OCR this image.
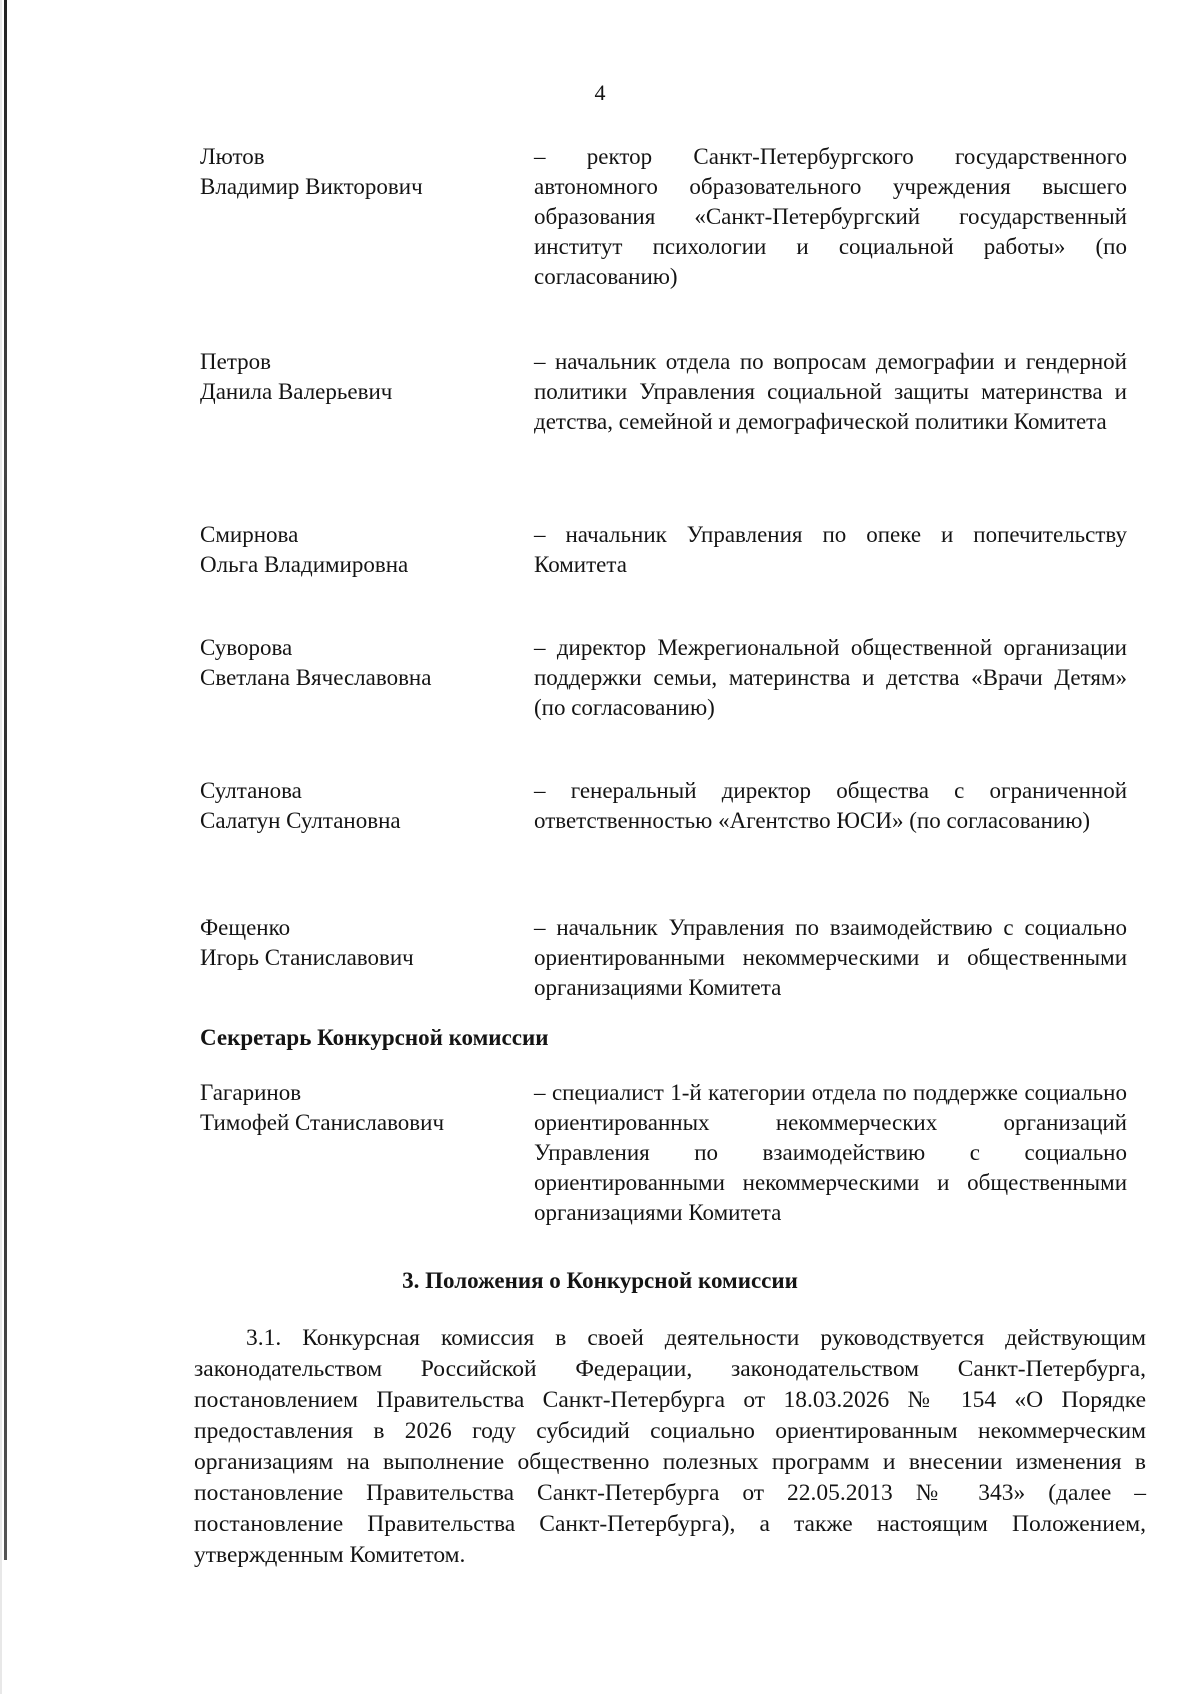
4
Лютов
Владимир Викторович
– ректор Санкт-Петербургского государственного автономного образовательного учреждения высшего образования «Санкт-Петербургский государственный институт психологии и социальной работы» (по согласованию)
Петров
Данила Валерьевич
– начальник отдела по вопросам демографии и гендерной политики Управления социальной защиты материнства и детства, семейной и демографической политики Комитета
Смирнова
Ольга Владимировна
– начальник Управления по опеке и попечительству Комитета
Суворова
Светлана Вячеславовна
– директор Межрегиональной общественной организации поддержки семьи, материнства и детства «Врачи Детям» (по согласованию)
Султанова
Салатун Султановна
– генеральный директор общества с ограниченной ответственностью «Агентство ЮСИ» (по согласованию)
Фещенко
Игорь Станиславович
– начальник Управления по взаимодействию с социально ориентированными некоммерческими и общественными организациями Комитета
Секретарь Конкурсной комиссии
Гагаринов
Тимофей Станиславович
– специалист 1-й категории отдела по поддержке социально ориентированных некоммерческих организаций Управления по взаимодействию с социально ориентированными некоммерческими и общественными организациями Комитета
3. Положения о Конкурсной комиссии
3.1. Конкурсная комиссия в своей деятельности руководствуется действующим законодательством Российской Федерации, законодательством Санкт-Петербурга, постановлением Правительства Санкт-Петербурга от 18.03.2026 № 154 «О Порядке предоставления в 2026 году субсидий социально ориентированным некоммерческим организациям на выполнение общественно полезных программ и внесении изменения в постановление Правительства Санкт-Петербурга от 22.05.2013 № 343» (далее – постановление Правительства Санкт-Петербурга), а также настоящим Положением, утвержденным Комитетом.
